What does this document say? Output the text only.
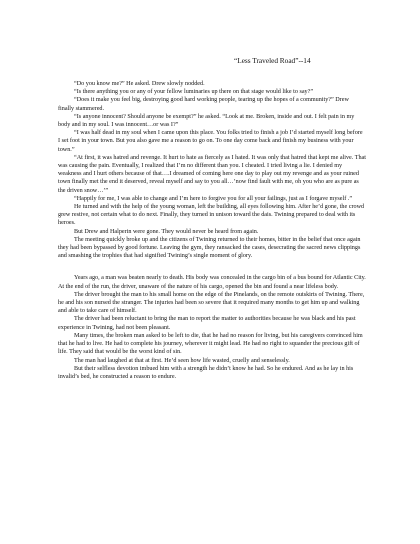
“Less Traveled Road”--14

“Do you know me?” He asked. Drew slowly nodded.

“Is there anything you or any of your fellow luminaries up there on that stage would like to say?”

“Does it make you feel big, destroying good hard working people, tearing up the hopes of a community?” Drew finally stammered.

“Is anyone innocent? Should anyone be exempt?” he asked. “Look at me. Broken, inside and out. I felt pain in my body and in my soul. I was innocent…or was I?”

“I was half dead in my soul when I came upon this place. You folks tried to finish a job I’d started myself long before I set foot in your town. But you also gave me a reason to go on. To one day come back and finish my business with your town.”

“At first, it was hatred and revenge. It hurt to hate as fiercely as I hated. It was only that hatred that kept me alive. That was causing the pain. Eventually, I realized that I’m no different than you. I cheated. I tried living a lie. I denied my weakness and I hurt others because of that….I dreamed of coming here one day to play out my revenge and as your ruined town finally met the end it deserved, reveal myself and say to you all…’now find fault with me, oh you who are as pure as the driven snow…’”

“Happily for me, I was able to change and I’m here to forgive you for all your failings, just as I forgave myself .”

He turned and with the help of the young woman, left the building, all eyes following him. After he’d gone, the crowd grew restive, not certain what to do next. Finally, they turned in unison toward the dais. Twining prepared to deal with its heroes.

But Drew and Halperin were gone. They would never be heard from again.

The meeting quickly broke up and the citizens of Twining returned to their homes, bitter in the belief that once again they had been bypassed by good fortune. Leaving the gym, they ransacked the cases, desecrating the sacred news clippings and smashing the trophies that had signified Twining’s single moment of glory.

Years ago, a man was beaten nearly to death. His body was concealed in the cargo bin of a bus bound for Atlantic City. At the end of the run, the driver, unaware of the nature of his cargo, opened the bin and found a near lifeless body.

The driver brought the man to his small home on the edge of the Pinelands, on the remote outskirts of Twining. There, he and his son nursed the stranger. The injuries had been so severe that it required many months to get him up and walking and able to take care of himself.

The driver had been reluctant to bring the man to report the matter to authorities because he was black and his past experience in Twining, had not been pleasant.

Many times, the broken man asked to be left to die, that he had no reason for living, but his caregivers convinced him that he had to live. He had to complete his journey, wherever it might lead. He had no right to squander the precious gift of life. They said that would be the worst kind of sin.

The man had laughed at that at first. He’d seen how life wasted, cruelly and senselessly.

But their selfless devotion imbued him with a strength he didn’t know he had. So he endured. And as he lay in his invalid’s bed, he constructed a reason to endure.
